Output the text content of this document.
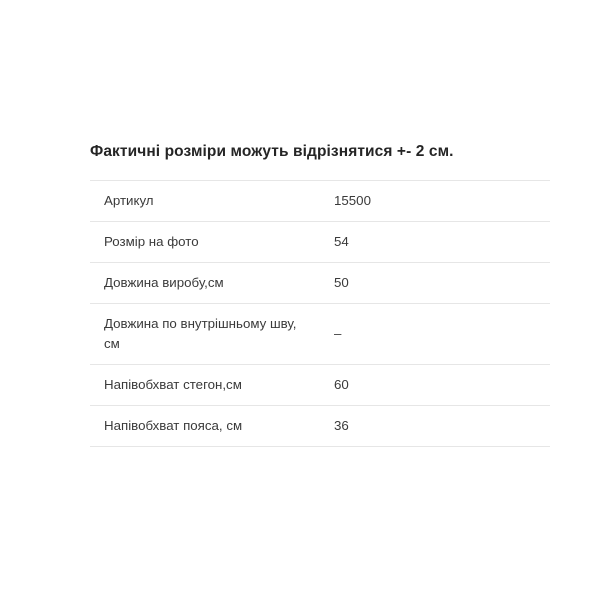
Фактичні розміри можуть відрізнятися +- 2 см.

Артикул	15500
Розмір на фото	54
Довжина виробу,см	50
Довжина по внутрішньому шву, см	–
Напівобхват стегон,см	60
Напівобхват пояса, см	36
